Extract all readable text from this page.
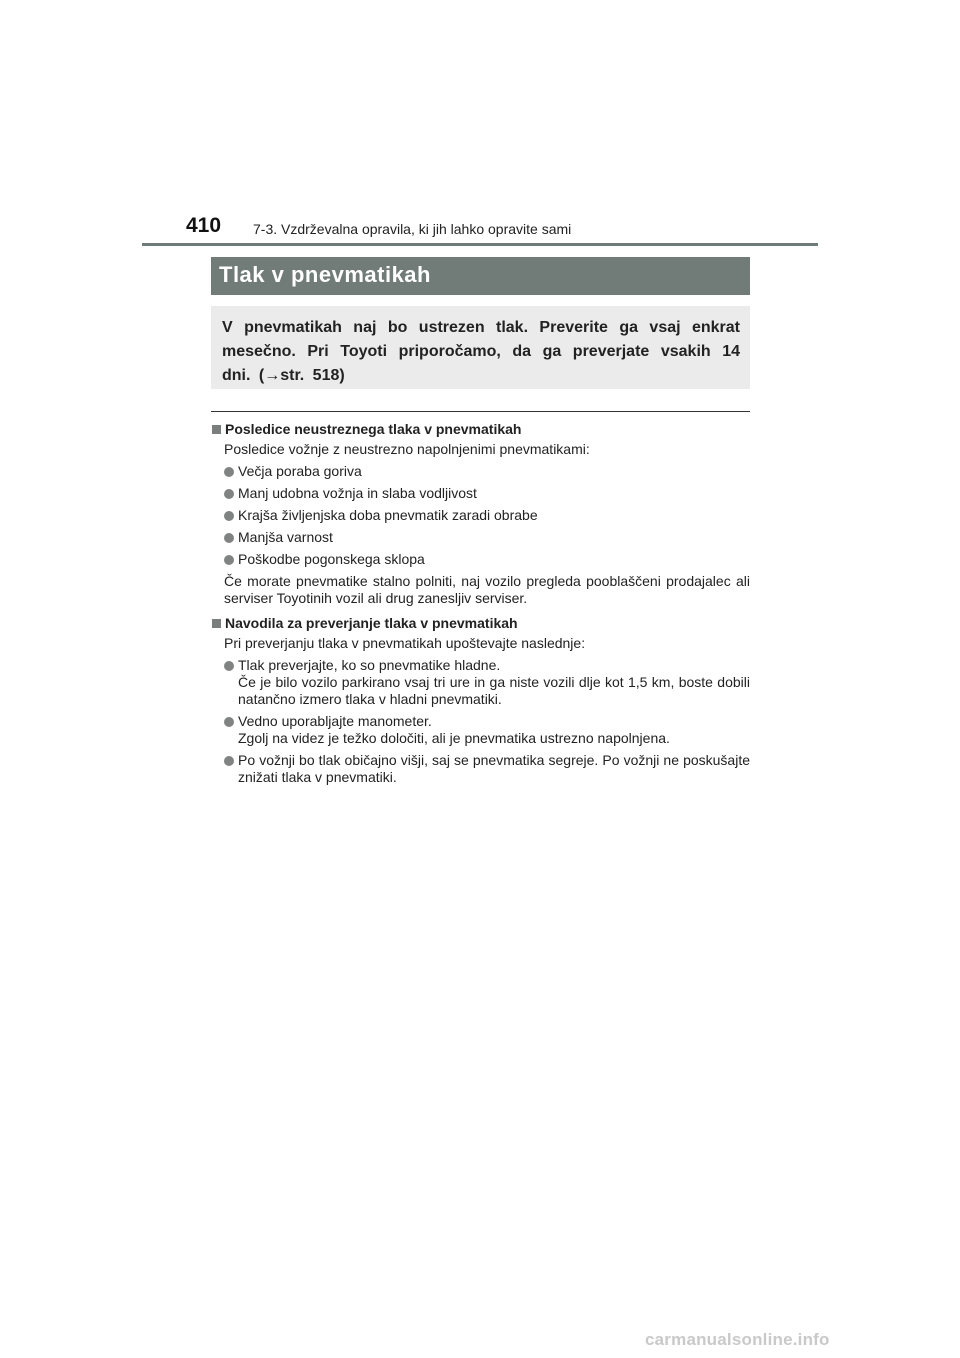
410 7-3. Vzdrževalna opravila, ki jih lahko opravite sami
Tlak v pnevmatikah
V pnevmatikah naj bo ustrezen tlak. Preverite ga vsaj enkrat mesečno. Pri Toyoti priporočamo, da ga preverjate vsakih 14 dni. (→str. 518)
Posledice neustreznega tlaka v pnevmatikah
Posledice vožnje z neustrezno napolnjenimi pnevmatikami:
Večja poraba goriva
Manj udobna vožnja in slaba vodljivost
Krajša življenjska doba pnevmatik zaradi obrabe
Manjša varnost
Poškodbe pogonskega sklopa
Če morate pnevmatike stalno polniti, naj vozilo pregleda pooblaščeni prodajalec ali serviser Toyotinih vozil ali drug zanesljiv serviser.
Navodila za preverjanje tlaka v pnevmatikah
Pri preverjanju tlaka v pnevmatikah upoštevajte naslednje:
Tlak preverjajte, ko so pnevmatike hladne.
Če je bilo vozilo parkirano vsaj tri ure in ga niste vozili dlje kot 1,5 km, boste dobili natančno izmero tlaka v hladni pnevmatiki.
Vedno uporabljajte manometer.
Zgolj na videz je težko določiti, ali je pnevmatika ustrezno napolnjena.
Po vožnji bo tlak običajno višji, saj se pnevmatika segreje. Po vožnji ne poskušajte znižati tlaka v pnevmatiki.
carmanualsonline.info
